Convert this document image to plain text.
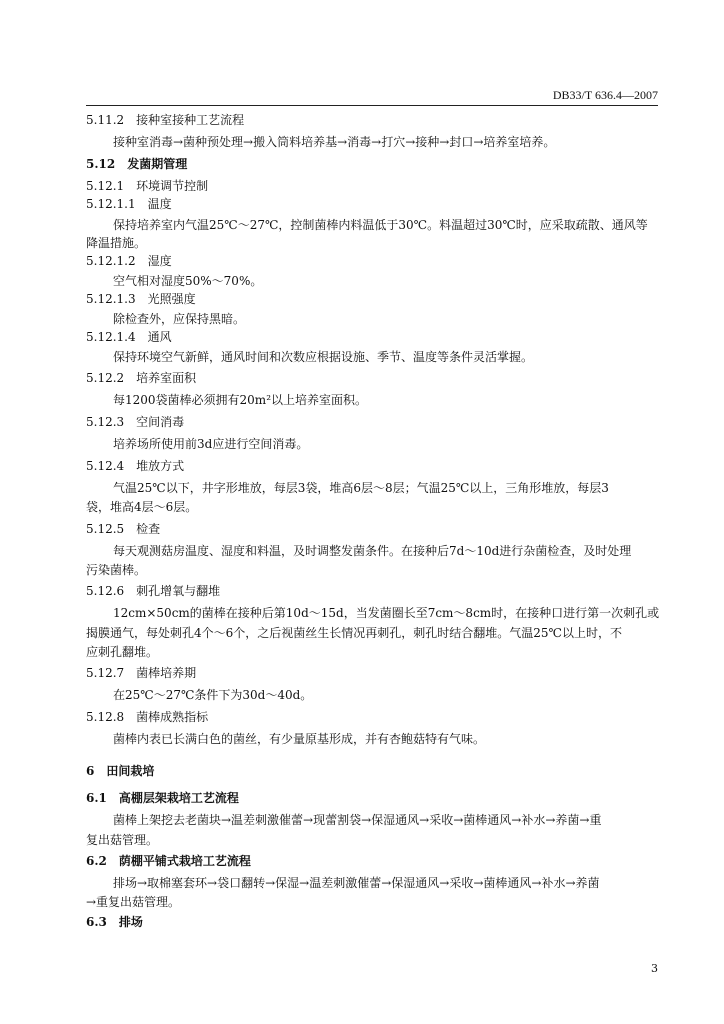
DB33/T 636.4—2007
5.11.2　接种室接种工艺流程
接种室消毒→菌种预处理→搬入筒料培养基→消毒→打穴→接种→封口→培养室培养。
5.12　发菌期管理
5.12.1　环境调节控制
5.12.1.1　温度
保持培养室内气温25℃～27℃，控制菌棒内料温低于30℃。料温超过30℃时，应采取疏散、通风等
降温措施。
5.12.1.2　湿度
空气相对湿度50%～70%。
5.12.1.3　光照强度
除检查外，应保持黑暗。
5.12.1.4　通风
保持环境空气新鲜，通风时间和次数应根据设施、季节、温度等条件灵活掌握。
5.12.2　培养室面积
每1200袋菌棒必须拥有20m²以上培养室面积。
5.12.3　空间消毒
培养场所使用前3d应进行空间消毒。
5.12.4　堆放方式
气温25℃以下，井字形堆放，每层3袋，堆高6层～8层；气温25℃以上，三角形堆放，每层3
袋，堆高4层～6层。
5.12.5　检查
每天观测菇房温度、湿度和料温，及时调整发菌条件。在接种后7d～10d进行杂菌检查，及时处理
污染菌棒。
5.12.6　刺孔增氧与翻堆
12cm×50cm的菌棒在接种后第10d～15d，当发菌圈长至7cm～8cm时，在接种口进行第一次刺孔或
揭膜通气，每处刺孔4个～6个，之后视菌丝生长情况再刺孔，刺孔时结合翻堆。气温25℃以上时，不
应刺孔翻堆。
5.12.7　菌棒培养期
在25℃～27℃条件下为30d～40d。
5.12.8　菌棒成熟指标
菌棒内表已长满白色的菌丝，有少量原基形成，并有杏鲍菇特有气味。
6　田间栽培
6.1　高棚层架栽培工艺流程
菌棒上架挖去老菌块→温差刺激催蕾→现蕾割袋→保湿通风→采收→菌棒通风→补水→养菌→重
复出菇管理。
6.2　荫棚平铺式栽培工艺流程
排场→取棉塞套环→袋口翻转→保湿→温差刺激催蕾→保湿通风→采收→菌棒通风→补水→养菌
→重复出菇管理。
6.3　排场
3
